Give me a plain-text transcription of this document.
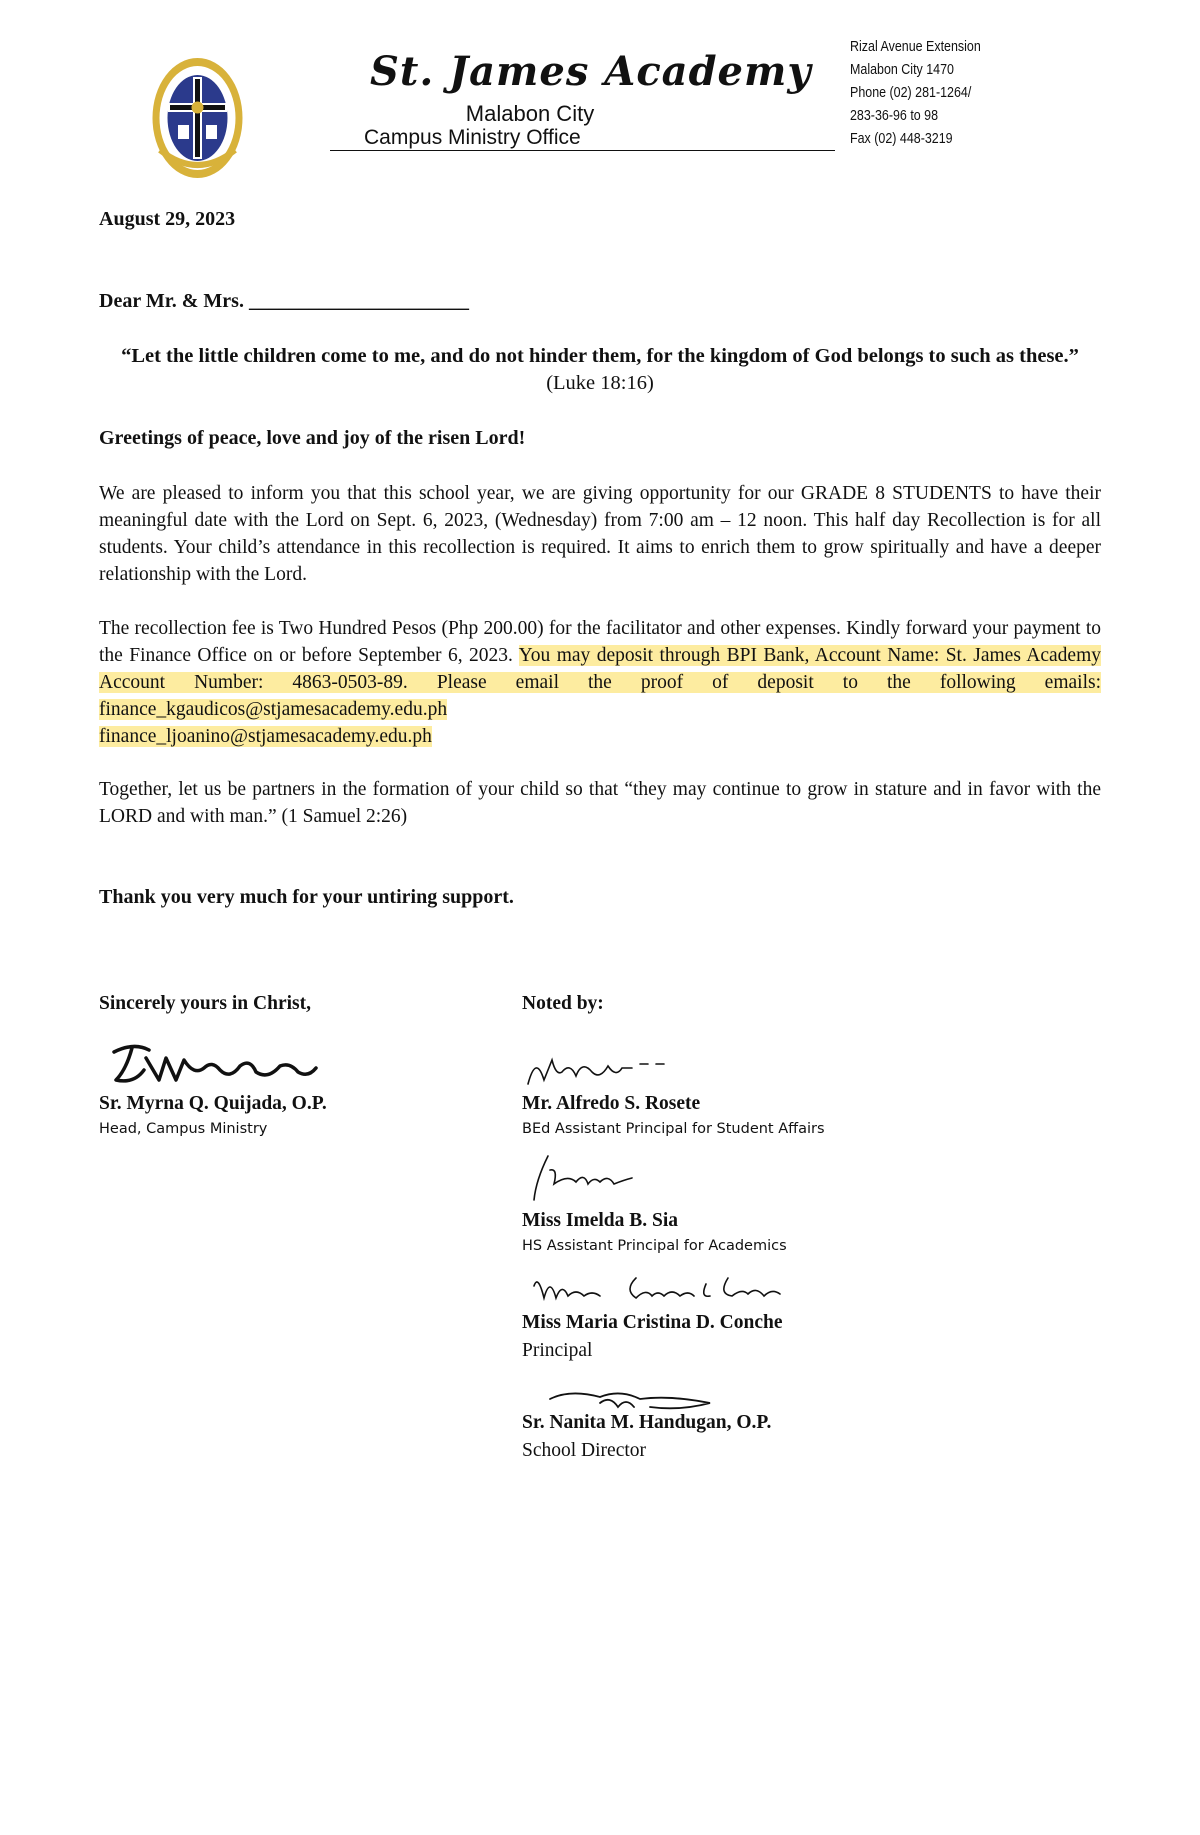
St. James Academy
Malabon City
Campus Ministry Office
Rizal Avenue Extension
Malabon City 1470
Phone (02) 281-1264/
283-36-96 to 98
Fax (02) 448-3219
August 29, 2023
Dear Mr. & Mrs. ______________________
“Let the little children come to me, and do not hinder them, for the kingdom of God belongs to such as these.” (Luke 18:16)
Greetings of peace, love and joy of the risen Lord!
We are pleased to inform you that this school year, we are giving opportunity for our GRADE 8 STUDENTS to have their meaningful date with the Lord on Sept. 6, 2023, (Wednesday) from 7:00 am – 12 noon. This half day Recollection is for all students. Your child’s attendance in this recollection is required. It aims to enrich them to grow spiritually and have a deeper relationship with the Lord.
The recollection fee is Two Hundred Pesos (Php 200.00) for the facilitator and other expenses. Kindly forward your payment to the Finance Office on or before September 6, 2023. You may deposit through BPI Bank, Account Name: St. James Academy Account Number: 4863-0503-89. Please email the proof of deposit to the following emails: finance_kgaudicos@stjamesacademy.edu.ph
finance_ljoanino@stjamesacademy.edu.ph
Together, let us be partners in the formation of your child so that “they may continue to grow in stature and in favor with the LORD and with man.” (1 Samuel 2:26)
Thank you very much for your untiring support.
Sincerely yours in Christ,	Noted by:
Sr. Myrna Q. Quijada, O.P.
Head, Campus Ministry
Mr. Alfredo S. Rosete
BEd Assistant Principal for Student Affairs
Miss Imelda B. Sia
HS Assistant Principal for Academics
Miss Maria Cristina D. Conche
Principal
Sr. Nanita M. Handugan, O.P.
School Director
